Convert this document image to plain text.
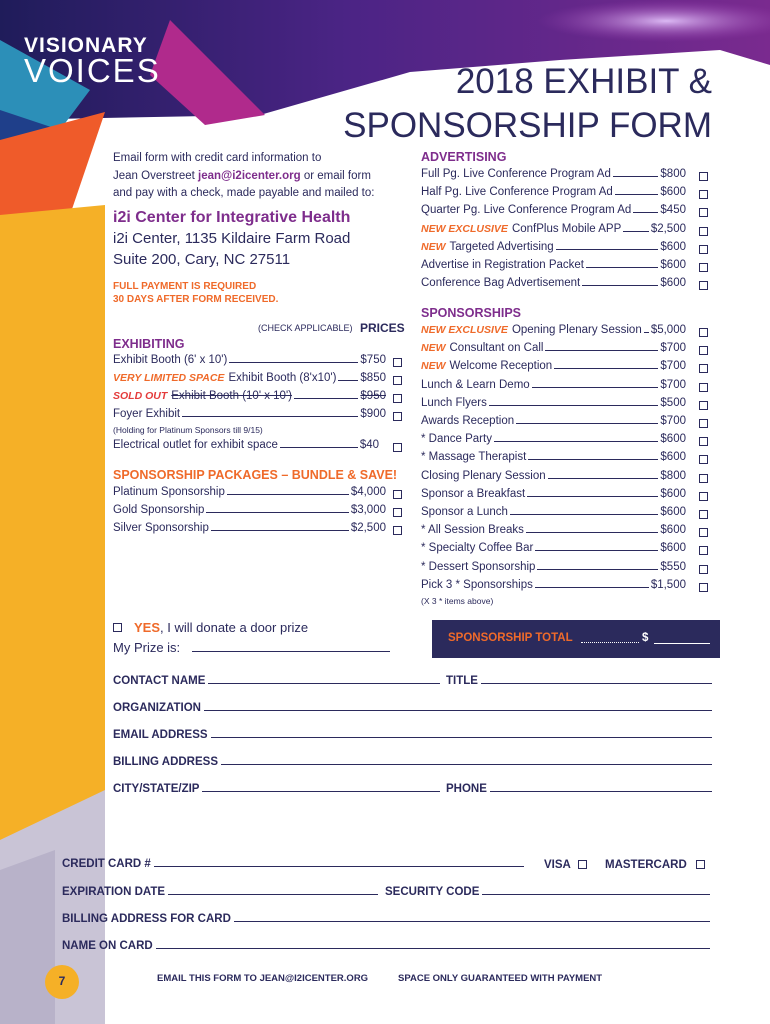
VISIONARY
VOICES	2018 EXHIBIT &
SPONSORSHIP FORM
Email form with credit card information to
Jean Overstreet jean@i2icenter.org or email form
and pay with a check, made payable and mailed to:
i2i Center for Integrative Health
i2i Center, 1135 Kildaire Farm Road
Suite 200, Cary, NC 27511
FULL PAYMENT IS REQUIRED
30 DAYS AFTER FORM RECEIVED.
(CHECK APPLICABLE) PRICES
EXHIBITING
Exhibit Booth (6' x 10')	$750
VERY LIMITED SPACE Exhibit Booth (8'x10') $850
SOLD OUT Exhibit Booth (10' x 10')	$950
Foyer Exhibit	$900
(Holding for Platinum Sponsors till 9/15)
Electrical outlet for exhibit space	$40
SPONSORSHIP PACKAGES – BUNDLE & SAVE!
Platinum Sponsorship	$4,000
Gold Sponsorship	$3,000
Silver Sponsorship	$2,500
ADVERTISING
Full Pg. Live Conference Program Ad	$800
Half Pg. Live Conference Program Ad	$600
Quarter Pg. Live Conference Program Ad	$450
NEW EXCLUSIVE ConfPlus Mobile APP	$2,500
NEW Targeted Advertising	$600
Advertise in Registration Packet	$600
Conference Bag Advertisement	$600
SPONSORSHIPS
NEW EXCLUSIVE Opening Plenary Session $5,000
NEW Consultant on Call	$700
NEW Welcome Reception	$700
Lunch & Learn Demo	$700
Lunch Flyers	$500
Awards Reception	$700
* Dance Party	$600
* Massage Therapist	$600
Closing Plenary Session	$800
Sponsor a Breakfast	$600
Sponsor a Lunch	$600
* All Session Breaks	$600
* Specialty Coffee Bar	$600
* Dessert Sponsorship	$550
Pick 3 * Sponsorships	$1,500
(X 3 * items above)
YES, I will donate a door prize
My Prize is:
SPONSORSHIP TOTAL	$
CONTACT NAME	TITLE
ORGANIZATION
EMAIL ADDRESS
BILLING ADDRESS
CITY/STATE/ZIP	PHONE
CREDIT CARD #	VISA	MASTERCARD
EXPIRATION DATE	SECURITY CODE
BILLING ADDRESS FOR CARD
NAME ON CARD
7	EMAIL THIS FORM TO JEAN@I2ICENTER.ORG	SPACE ONLY GUARANTEED WITH PAYMENT
